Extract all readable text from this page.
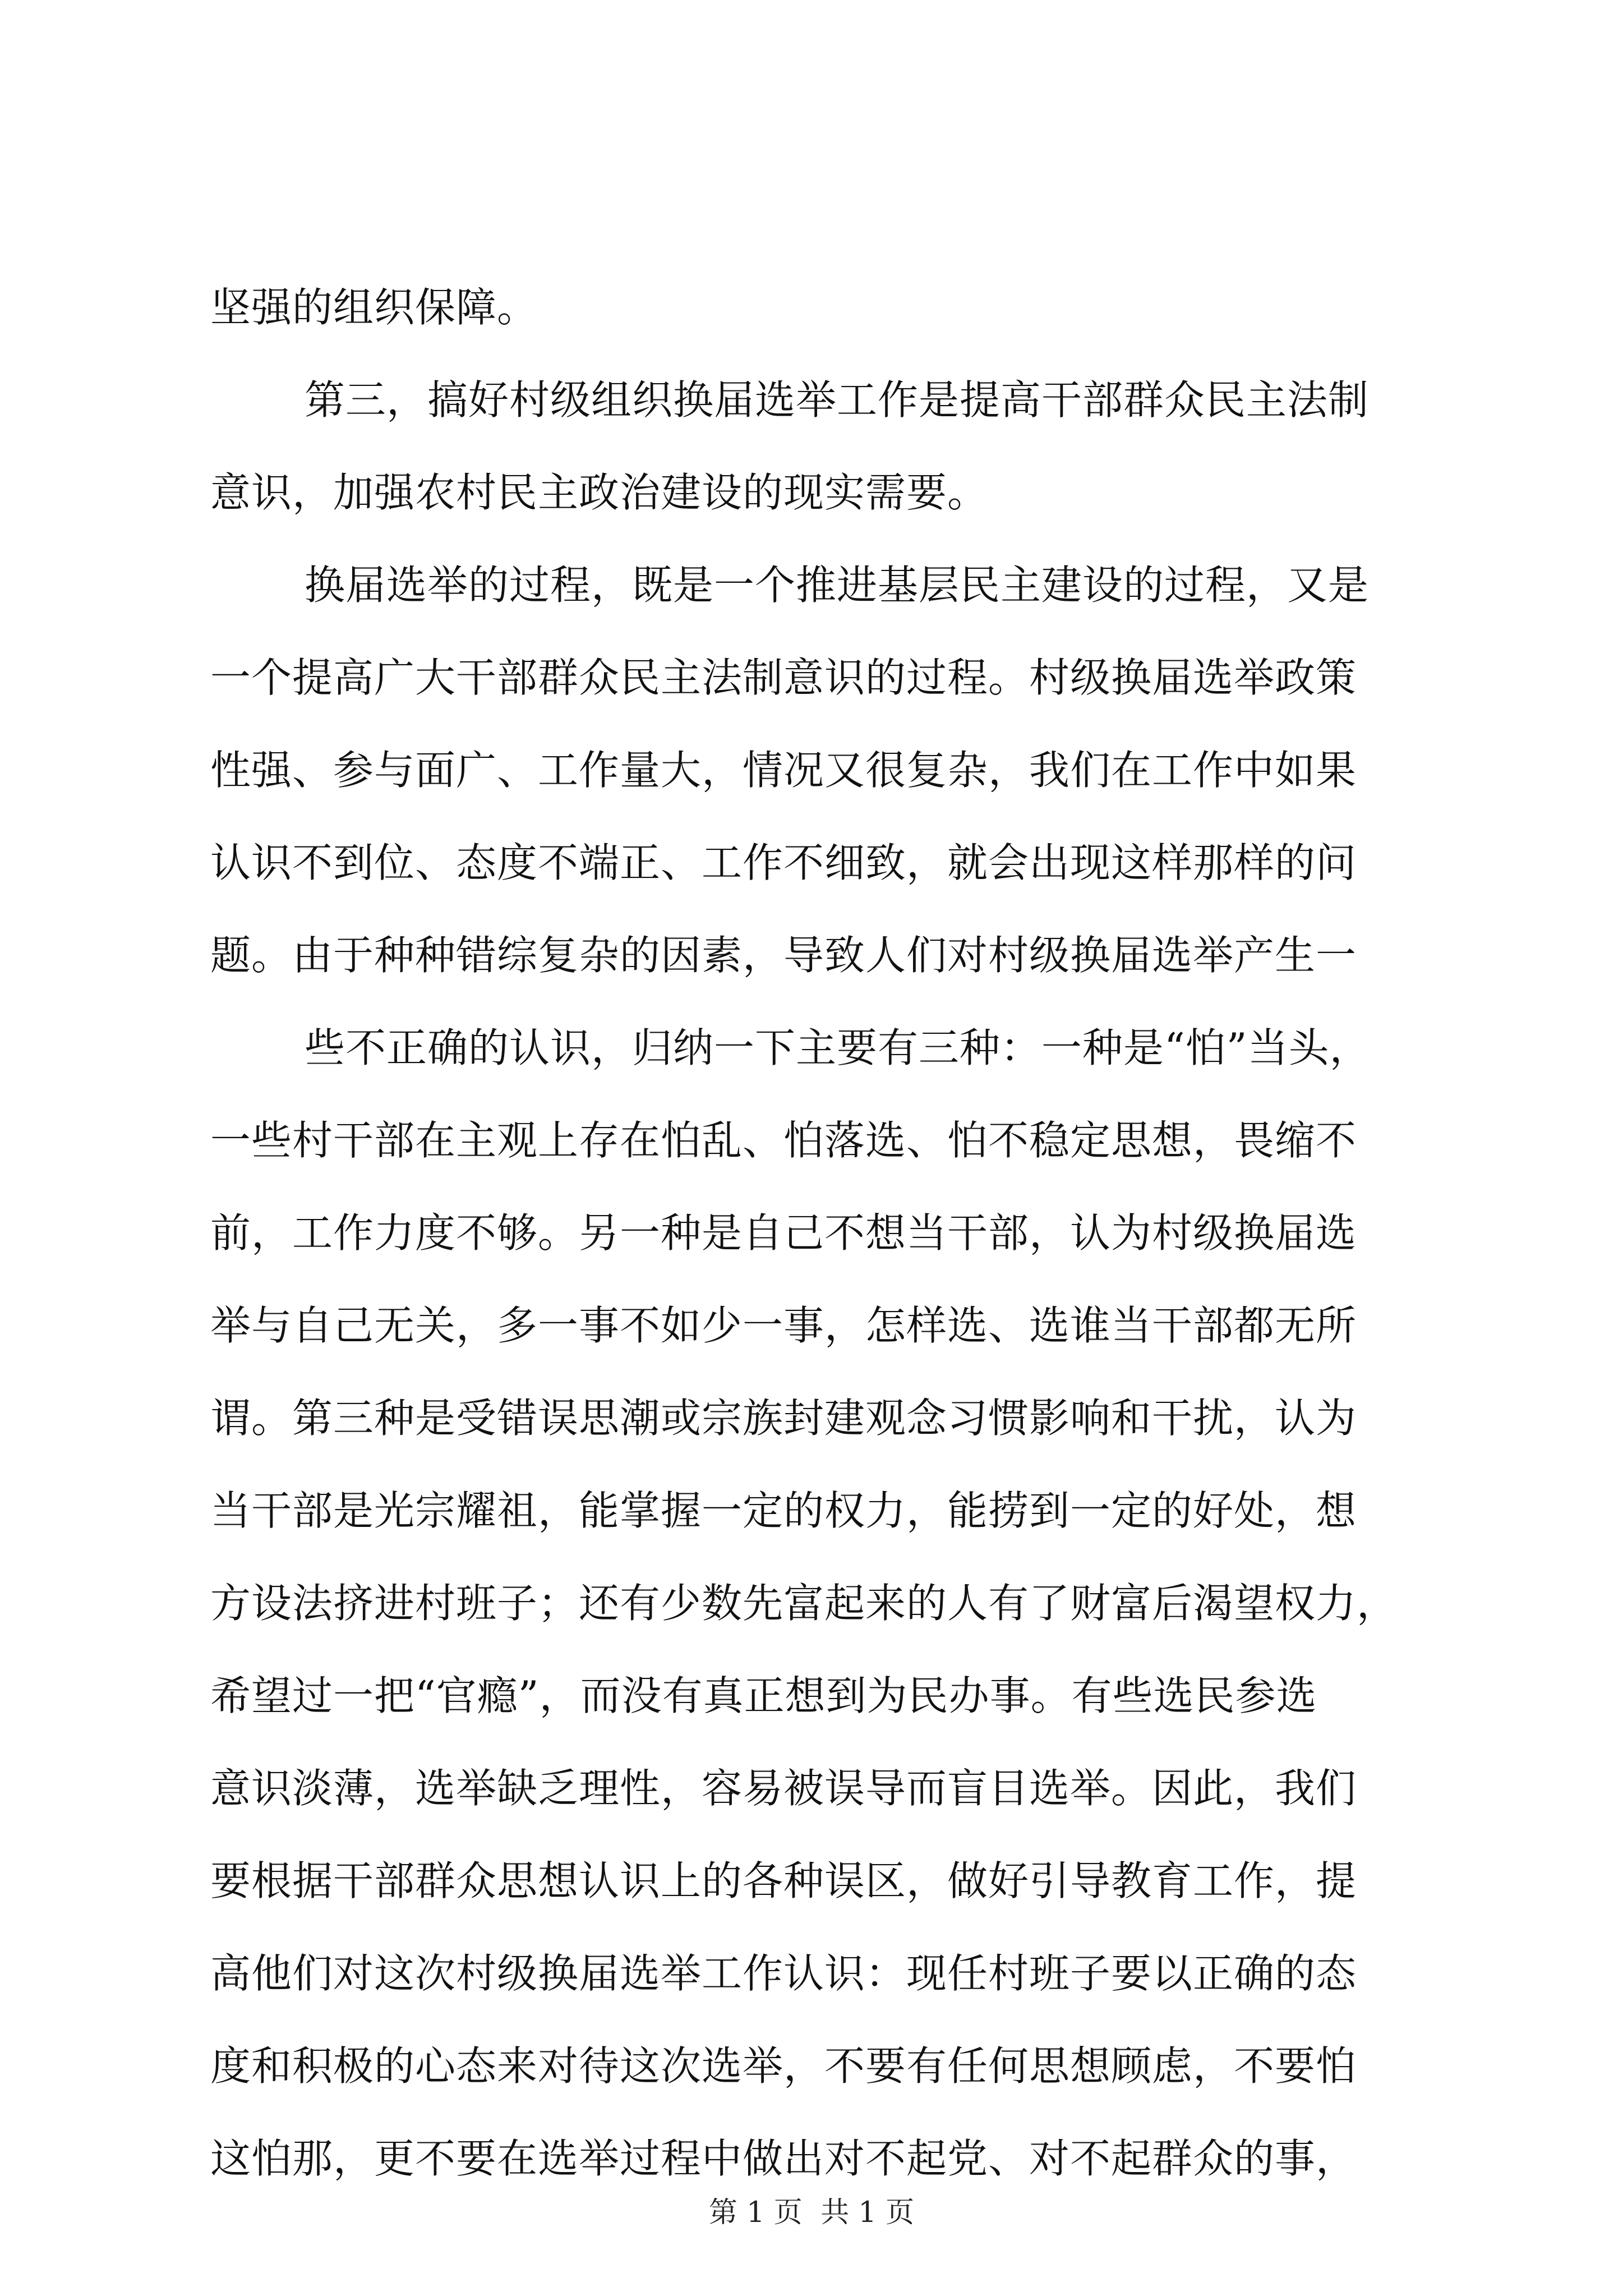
坚强的组织保障。
第三，搞好村级组织换届选举工作是提高干部群众民主法制
意识，加强农村民主政治建设的现实需要。
换届选举的过程，既是一个推进基层民主建设的过程，又是
一个提高广大干部群众民主法制意识的过程。村级换届选举政策
性强、参与面广、工作量大，情况又很复杂，我们在工作中如果
认识不到位、态度不端正、工作不细致，就会出现这样那样的问
题。由于种种错综复杂的因素，导致人们对村级换届选举产生一
些不正确的认识，归纳一下主要有三种：一种是“怕”当头，
一些村干部在主观上存在怕乱、怕落选、怕不稳定思想，畏缩不
前，工作力度不够。另一种是自己不想当干部，认为村级换届选
举与自己无关，多一事不如少一事，怎样选、选谁当干部都无所
谓。第三种是受错误思潮或宗族封建观念习惯影响和干扰，认为
当干部是光宗耀祖，能掌握一定的权力，能捞到一定的好处，想
方设法挤进村班子；还有少数先富起来的人有了财富后渴望权力，
希望过一把“官瘾”，而没有真正想到为民办事。有些选民参选
意识淡薄，选举缺乏理性，容易被误导而盲目选举。因此，我们
要根据干部群众思想认识上的各种误区，做好引导教育工作，提
高他们对这次村级换届选举工作认识：现任村班子要以正确的态
度和积极的心态来对待这次选举，不要有任何思想顾虑，不要怕
这怕那，更不要在选举过程中做出对不起党、对不起群众的事，
第 1 页  共 1 页
